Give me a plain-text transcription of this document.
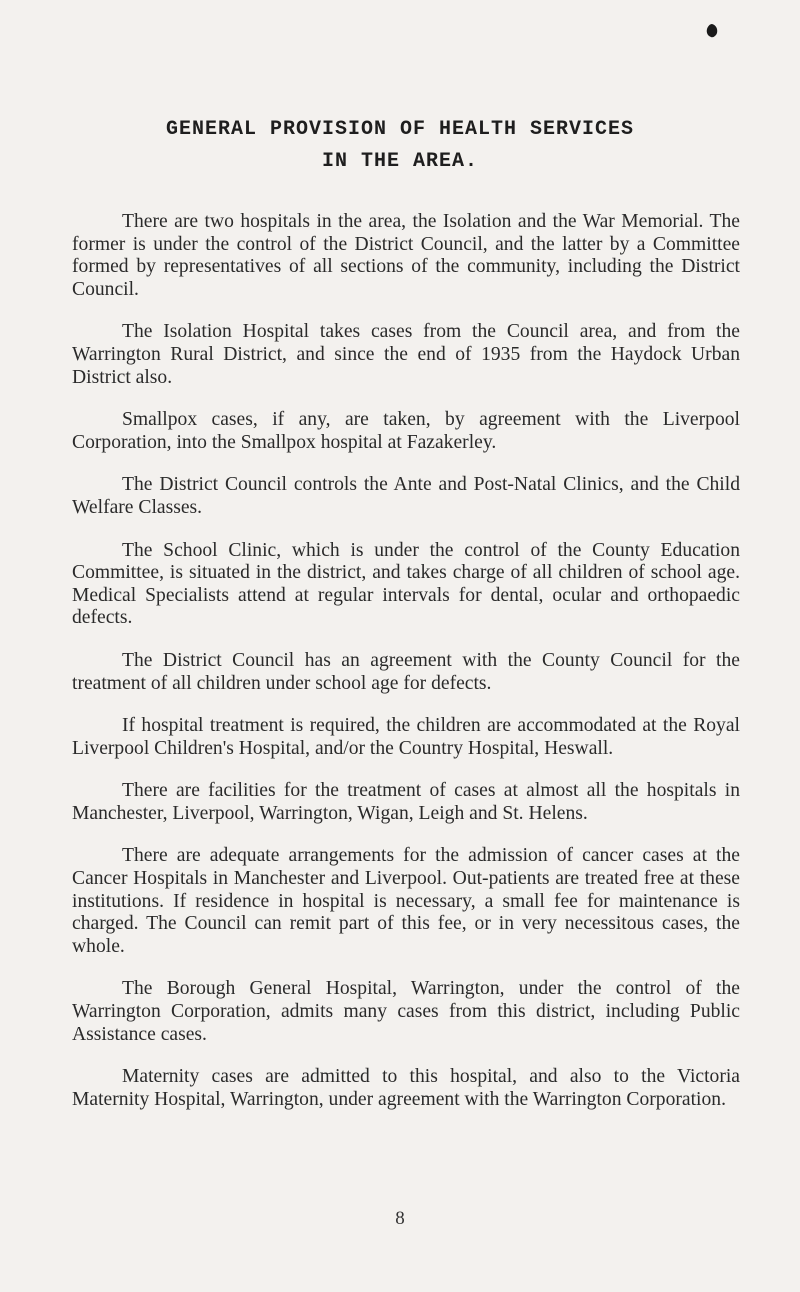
GENERAL PROVISION OF HEALTH SERVICES
IN THE AREA.

There are two hospitals in the area, the Isolation and the War Memorial. The former is under the control of the District Council, and the latter by a Committee formed by representatives of all sections of the community, including the District Council.

The Isolation Hospital takes cases from the Council area, and from the Warrington Rural District, and since the end of 1935 from the Haydock Urban District also.

Smallpox cases, if any, are taken, by agreement with the Liverpool Corporation, into the Smallpox hospital at Fazakerley.

The District Council controls the Ante and Post-Natal Clinics, and the Child Welfare Classes.

The School Clinic, which is under the control of the County Education Committee, is situated in the district, and takes charge of all children of school age. Medical Specialists attend at regular intervals for dental, ocular and orthopaedic defects.

The District Council has an agreement with the County Council for the treatment of all children under school age for defects.

If hospital treatment is required, the children are accommodated at the Royal Liverpool Children's Hospital, and/or the Country Hospital, Heswall.

There are facilities for the treatment of cases at almost all the hospitals in Manchester, Liverpool, Warrington, Wigan, Leigh and St. Helens.

There are adequate arrangements for the admission of cancer cases at the Cancer Hospitals in Manchester and Liverpool. Out-patients are treated free at these institutions. If residence in hospital is necessary, a small fee for maintenance is charged. The Council can remit part of this fee, or in very necessitous cases, the whole.

The Borough General Hospital, Warrington, under the control of the Warrington Corporation, admits many cases from this district, including Public Assistance cases.

Maternity cases are admitted to this hospital, and also to the Victoria Maternity Hospital, Warrington, under agreement with the Warrington Corporation.

8
